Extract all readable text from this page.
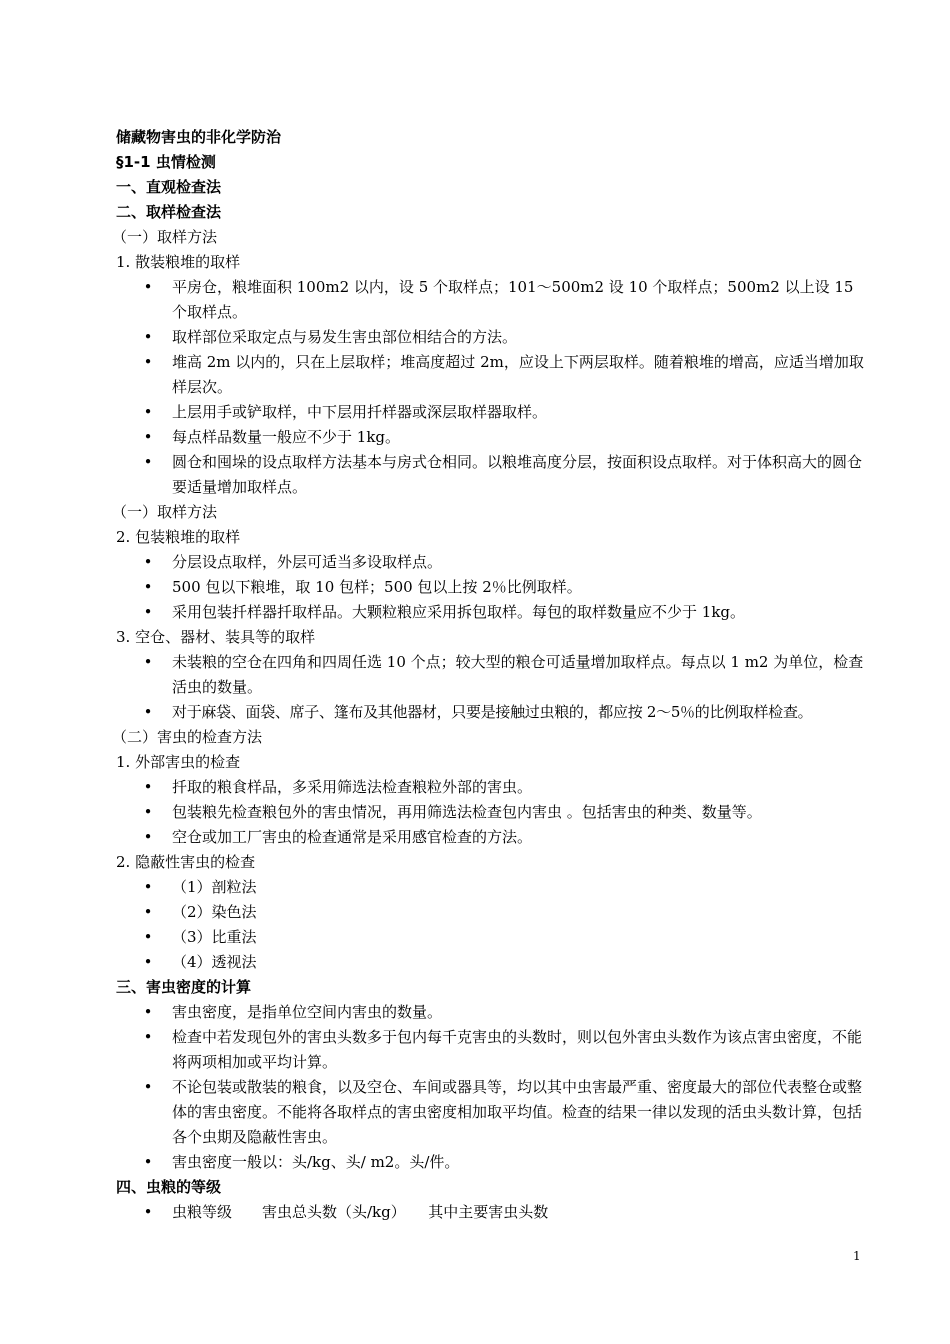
储藏物害虫的非化学防治

§1-1 虫情检测

一、直观检查法

二、取样检查法

（一）取样方法

1. 散装粮堆的取样

• 平房仓，粮堆面积 100m2 以内，设 5 个取样点；101～500m2 设 10 个取样点；500m2 以上设 15 个取样点。
• 取样部位采取定点与易发生害虫部位相结合的方法。
• 堆高 2m 以内的，只在上层取样；堆高度超过 2m，应设上下两层取样。随着粮堆的增高，应适当增加取样层次。
• 上层用手或铲取样，中下层用扦样器或深层取样器取样。
• 每点样品数量一般应不少于 1kg。
• 圆仓和囤垛的设点取样方法基本与房式仓相同。以粮堆高度分层，按面积设点取样。对于体积高大的圆仓要适量增加取样点。

（一）取样方法

2. 包装粮堆的取样

• 分层设点取样，外层可适当多设取样点。
• 500 包以下粮堆，取 10 包样；500 包以上按 2％比例取样。
• 采用包装扦样器扦取样品。大颗粒粮应采用拆包取样。每包的取样数量应不少于 1kg。

3. 空仓、器材、装具等的取样

• 未装粮的空仓在四角和四周任选 10 个点；较大型的粮仓可适量增加取样点。每点以 1 m2 为单位，检查活虫的数量。
• 对于麻袋、面袋、席子、篷布及其他器材，只要是接触过虫粮的，都应按 2～5％的比例取样检查。

（二）害虫的检查方法

1. 外部害虫的检查

• 扦取的粮食样品，多采用筛选法检查粮粒外部的害虫。
• 包装粮先检查粮包外的害虫情况，再用筛选法检查包内害虫 。包括害虫的种类、数量等。
• 空仓或加工厂害虫的检查通常是采用感官检查的方法。

2. 隐蔽性害虫的检查

• （1）剖粒法
• （2）染色法
• （3）比重法
• （4）透视法

三、害虫密度的计算

• 害虫密度，是指单位空间内害虫的数量。
• 检查中若发现包外的害虫头数多于包内每千克害虫的头数时，则以包外害虫头数作为该点害虫密度，不能将两项相加或平均计算。
• 不论包装或散装的粮食，以及空仓、车间或器具等，均以其中虫害最严重、密度最大的部位代表整仓或整体的害虫密度。不能将各取样点的害虫密度相加取平均值。检查的结果一律以发现的活虫头数计算，包括各个虫期及隐蔽性害虫。
• 害虫密度一般以：头/kg、头/ m2。头/件。

四、虫粮的等级

• 虫粮等级　　害虫总头数（头/kg）　　其中主要害虫头数
1
